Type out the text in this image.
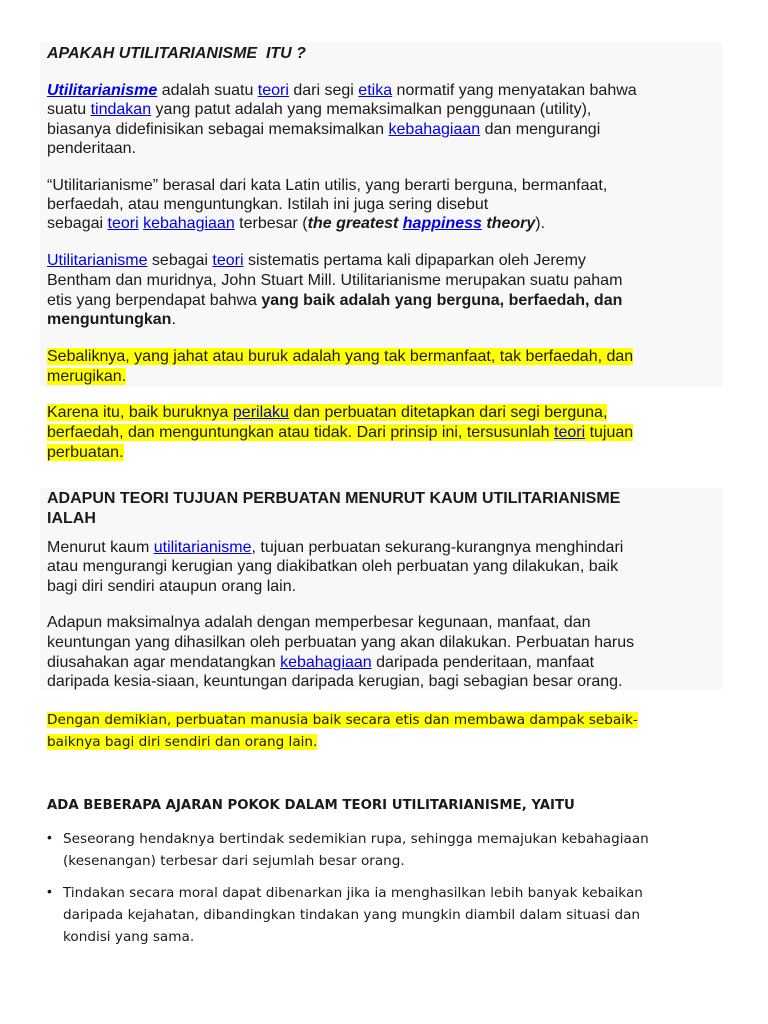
APAKAH UTILITARIANISME  ITU ?
Utilitarianisme adalah suatu teori dari segi etika normatif yang menyatakan bahwa
suatu tindakan yang patut adalah yang memaksimalkan penggunaan (utility),
biasanya didefinisikan sebagai memaksimalkan kebahagiaan dan mengurangi
penderitaan.
“Utilitarianisme” berasal dari kata Latin utilis, yang berarti berguna, bermanfaat,
berfaedah, atau menguntungkan. Istilah ini juga sering disebut
sebagai teori kebahagiaan terbesar (the greatest happiness theory).
Utilitarianisme sebagai teori sistematis pertama kali dipaparkan oleh Jeremy
Bentham dan muridnya, John Stuart Mill. Utilitarianisme merupakan suatu paham
etis yang berpendapat bahwa yang baik adalah yang berguna, berfaedah, dan
menguntungkan.
Sebaliknya, yang jahat atau buruk adalah yang tak bermanfaat, tak berfaedah, dan
merugikan.
Karena itu, baik buruknya perilaku dan perbuatan ditetapkan dari segi berguna,
berfaedah, dan menguntungkan atau tidak. Dari prinsip ini, tersusunlah teori tujuan
perbuatan.
ADAPUN TEORI TUJUAN PERBUATAN MENURUT KAUM UTILITARIANISME
IALAH
Menurut kaum utilitarianisme, tujuan perbuatan sekurang-kurangnya menghindari
atau mengurangi kerugian yang diakibatkan oleh perbuatan yang dilakukan, baik
bagi diri sendiri ataupun orang lain.
Adapun maksimalnya adalah dengan memperbesar kegunaan, manfaat, dan
keuntungan yang dihasilkan oleh perbuatan yang akan dilakukan. Perbuatan harus
diusahakan agar mendatangkan kebahagiaan daripada penderitaan, manfaat
daripada kesia-siaan, keuntungan daripada kerugian, bagi sebagian besar orang.
Dengan demikian, perbuatan manusia baik secara etis dan membawa dampak sebaik-
baiknya bagi diri sendiri dan orang lain.
ADA BEBERAPA AJARAN POKOK DALAM TEORI UTILITARIANISME, YAITU
• Seseorang hendaknya bertindak sedemikian rupa, sehingga memajukan kebahagiaan
(kesenangan) terbesar dari sejumlah besar orang.
• Tindakan secara moral dapat dibenarkan jika ia menghasilkan lebih banyak kebaikan
daripada kejahatan, dibandingkan tindakan yang mungkin diambil dalam situasi dan
kondisi yang sama.
